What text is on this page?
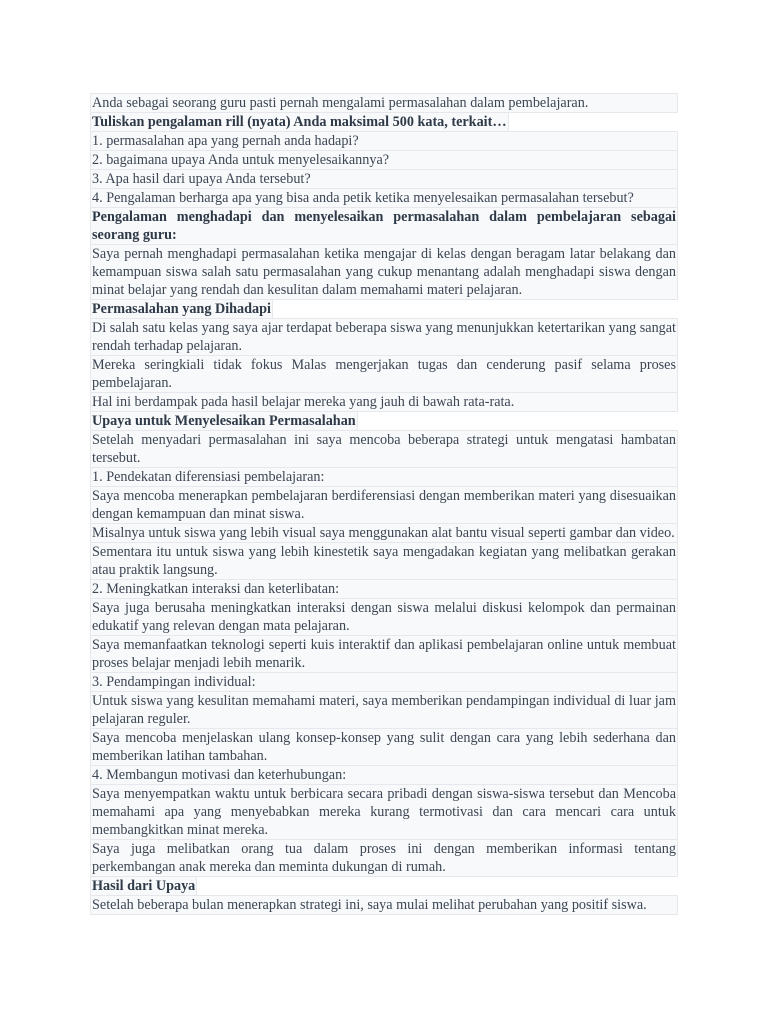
Anda sebagai seorang guru pasti pernah mengalami permasalahan dalam pembelajaran.
Tuliskan pengalaman rill (nyata) Anda maksimal 500 kata, terkait…
1. permasalahan apa yang pernah anda hadapi?
2. bagaimana upaya Anda untuk menyelesaikannya?
3. Apa hasil dari upaya Anda tersebut?
4. Pengalaman berharga apa yang bisa anda petik ketika menyelesaikan permasalahan tersebut?
Pengalaman menghadapi dan menyelesaikan permasalahan dalam pembelajaran sebagai seorang guru:
Saya pernah menghadapi permasalahan ketika mengajar di kelas dengan beragam latar belakang dan kemampuan siswa salah satu permasalahan yang cukup menantang adalah menghadapi siswa dengan minat belajar yang rendah dan kesulitan dalam memahami materi pelajaran.
Permasalahan yang Dihadapi
Di salah satu kelas yang saya ajar terdapat beberapa siswa yang menunjukkan ketertarikan yang sangat rendah terhadap pelajaran.
Mereka seringkiali tidak fokus Malas mengerjakan tugas dan cenderung pasif selama proses pembelajaran.
Hal ini berdampak pada hasil belajar mereka yang jauh di bawah rata-rata.
Upaya untuk Menyelesaikan Permasalahan
Setelah menyadari permasalahan ini saya mencoba beberapa strategi untuk mengatasi hambatan tersebut.
1. Pendekatan diferensiasi pembelajaran:
Saya mencoba menerapkan pembelajaran berdiferensiasi dengan memberikan materi yang disesuaikan dengan kemampuan dan minat siswa.
Misalnya untuk siswa yang lebih visual saya menggunakan alat bantu visual seperti gambar dan video.
Sementara itu untuk siswa yang lebih kinestetik saya mengadakan kegiatan yang melibatkan gerakan atau praktik langsung.
2. Meningkatkan interaksi dan keterlibatan:
Saya juga berusaha meningkatkan interaksi dengan siswa melalui diskusi kelompok dan permainan edukatif yang relevan dengan mata pelajaran.
Saya memanfaatkan teknologi seperti kuis interaktif dan aplikasi pembelajaran online untuk membuat proses belajar menjadi lebih menarik.
3. Pendampingan individual:
Untuk siswa yang kesulitan memahami materi, saya memberikan pendampingan individual di luar jam pelajaran reguler.
Saya mencoba menjelaskan ulang konsep-konsep yang sulit dengan cara yang lebih sederhana dan memberikan latihan tambahan.
4. Membangun motivasi dan keterhubungan:
Saya menyempatkan waktu untuk berbicara secara pribadi dengan siswa-siswa tersebut dan Mencoba memahami apa yang menyebabkan mereka kurang termotivasi dan cara mencari cara untuk membangkitkan minat mereka.
Saya juga melibatkan orang tua dalam proses ini dengan memberikan informasi tentang perkembangan anak mereka dan meminta dukungan di rumah.
Hasil dari Upaya
Setelah beberapa bulan menerapkan strategi ini, saya mulai melihat perubahan yang positif siswa.
